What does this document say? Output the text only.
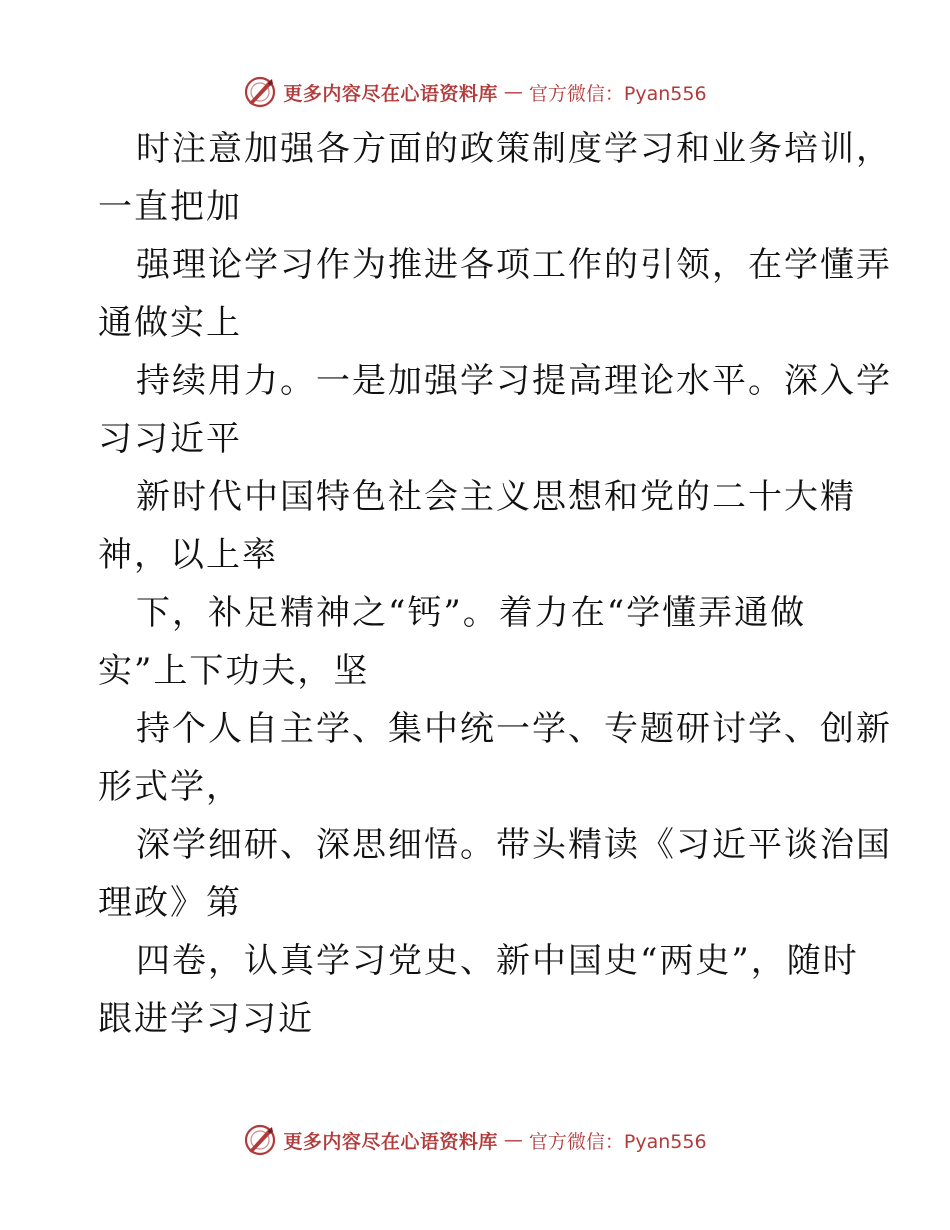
更多内容尽在心语资料库 — 官方微信：Pyan556
时注意加强各方面的政策制度学习和业务培训，
一直把加
强理论学习作为推进各项工作的引领，在学懂弄
通做实上
持续用力。一是加强学习提高理论水平。深入学
习习近平
新时代中国特色社会主义思想和党的二十大精
神，以上率
下，补足精神之“钙”。着力在“学懂弄通做
实”上下功夫，坚
持个人自主学、集中统一学、专题研讨学、创新
形式学，
深学细研、深思细悟。带头精读《习近平谈治国
理政》第
四卷，认真学习党史、新中国史“两史”，随时
跟进学习习近
更多内容尽在心语资料库 — 官方微信：Pyan556
